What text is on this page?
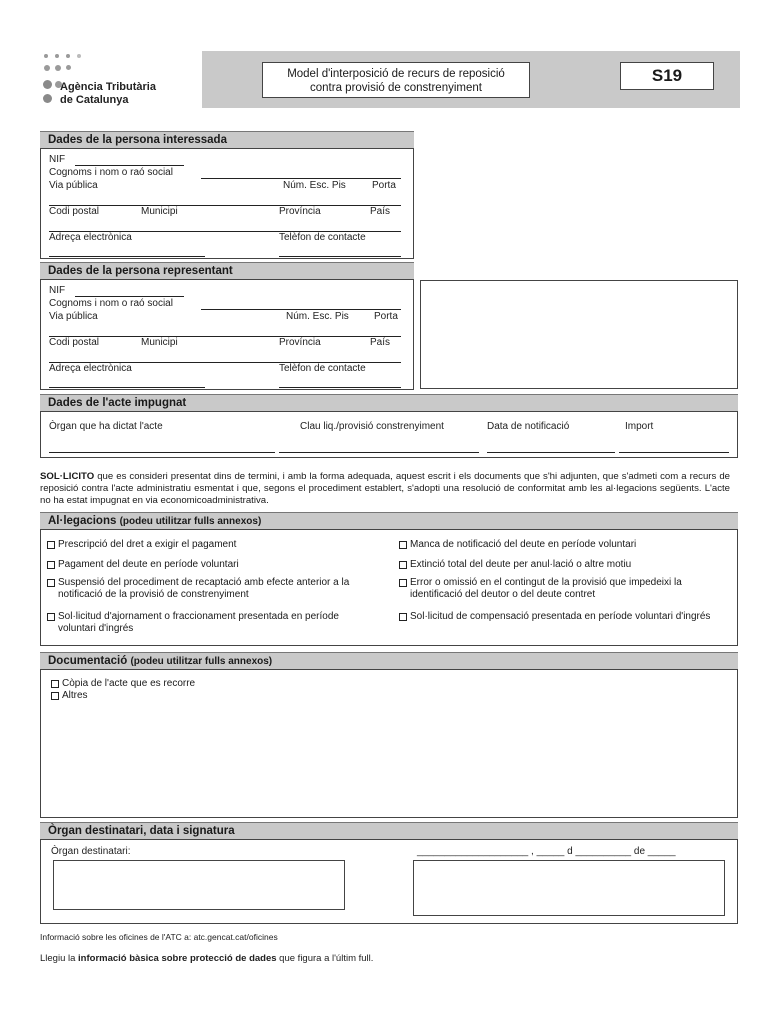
Agència Tributària
de Catalunya
Model d'interposició de recurs de reposició
contra provisió de constrenyiment
S19
Dades de la persona interessada
NIF
Cognoms i nom o raó social
Via pública	Núm. Esc. Pis	Porta
Codi postal	Municipi	Província	País
Adreça electrònica	Telèfon de contacte
Dades de la persona representant
NIF
Cognoms i nom o raó social
Via pública	Núm. Esc. Pis	Porta
Codi postal	Municipi	Província	País
Adreça electrònica	Telèfon de contacte
Dades de l'acte impugnat
Òrgan que ha dictat l'acte	Clau liq./provisió constrenyiment	Data de notificació	Import
SOL·LICITO que es consideri presentat dins de termini, i amb la forma adequada, aquest escrit i els documents que s'hi adjunten, que s'admeti com a recurs de reposició contra l'acte administratiu esmentat i que, segons el procediment establert, s'adopti una resolució de conformitat amb les al·legacions següents. L'acte no ha estat impugnat en via economicoadministrativa.
Al·legacions (podeu utilitzar fulls annexos)
Prescripció del dret a exigir el pagament
Pagament del deute en període voluntari
Suspensió del procediment de recaptació amb efecte anterior a la notificació de la provisió de constrenyiment
Sol·licitud d'ajornament o fraccionament presentada en període voluntari d'ingrés
Manca de notificació del deute en període voluntari
Extinció total del deute per anul·lació o altre motiu
Error o omissió en el contingut de la provisió que impedeixi la identificació del deutor o del deute contret
Sol·licitud de compensació presentada en període voluntari d'ingrés
Documentació (podeu utilitzar fulls annexos)
Còpia de l'acte que es recorre
Altres
Òrgan destinatari, data i signatura
Òrgan destinatari:	____________________ , _____ d __________ de _____
Informació sobre les oficines de l'ATC a: atc.gencat.cat/oficines
Llegiu la informació bàsica sobre protecció de dades que figura a l'últim full.
